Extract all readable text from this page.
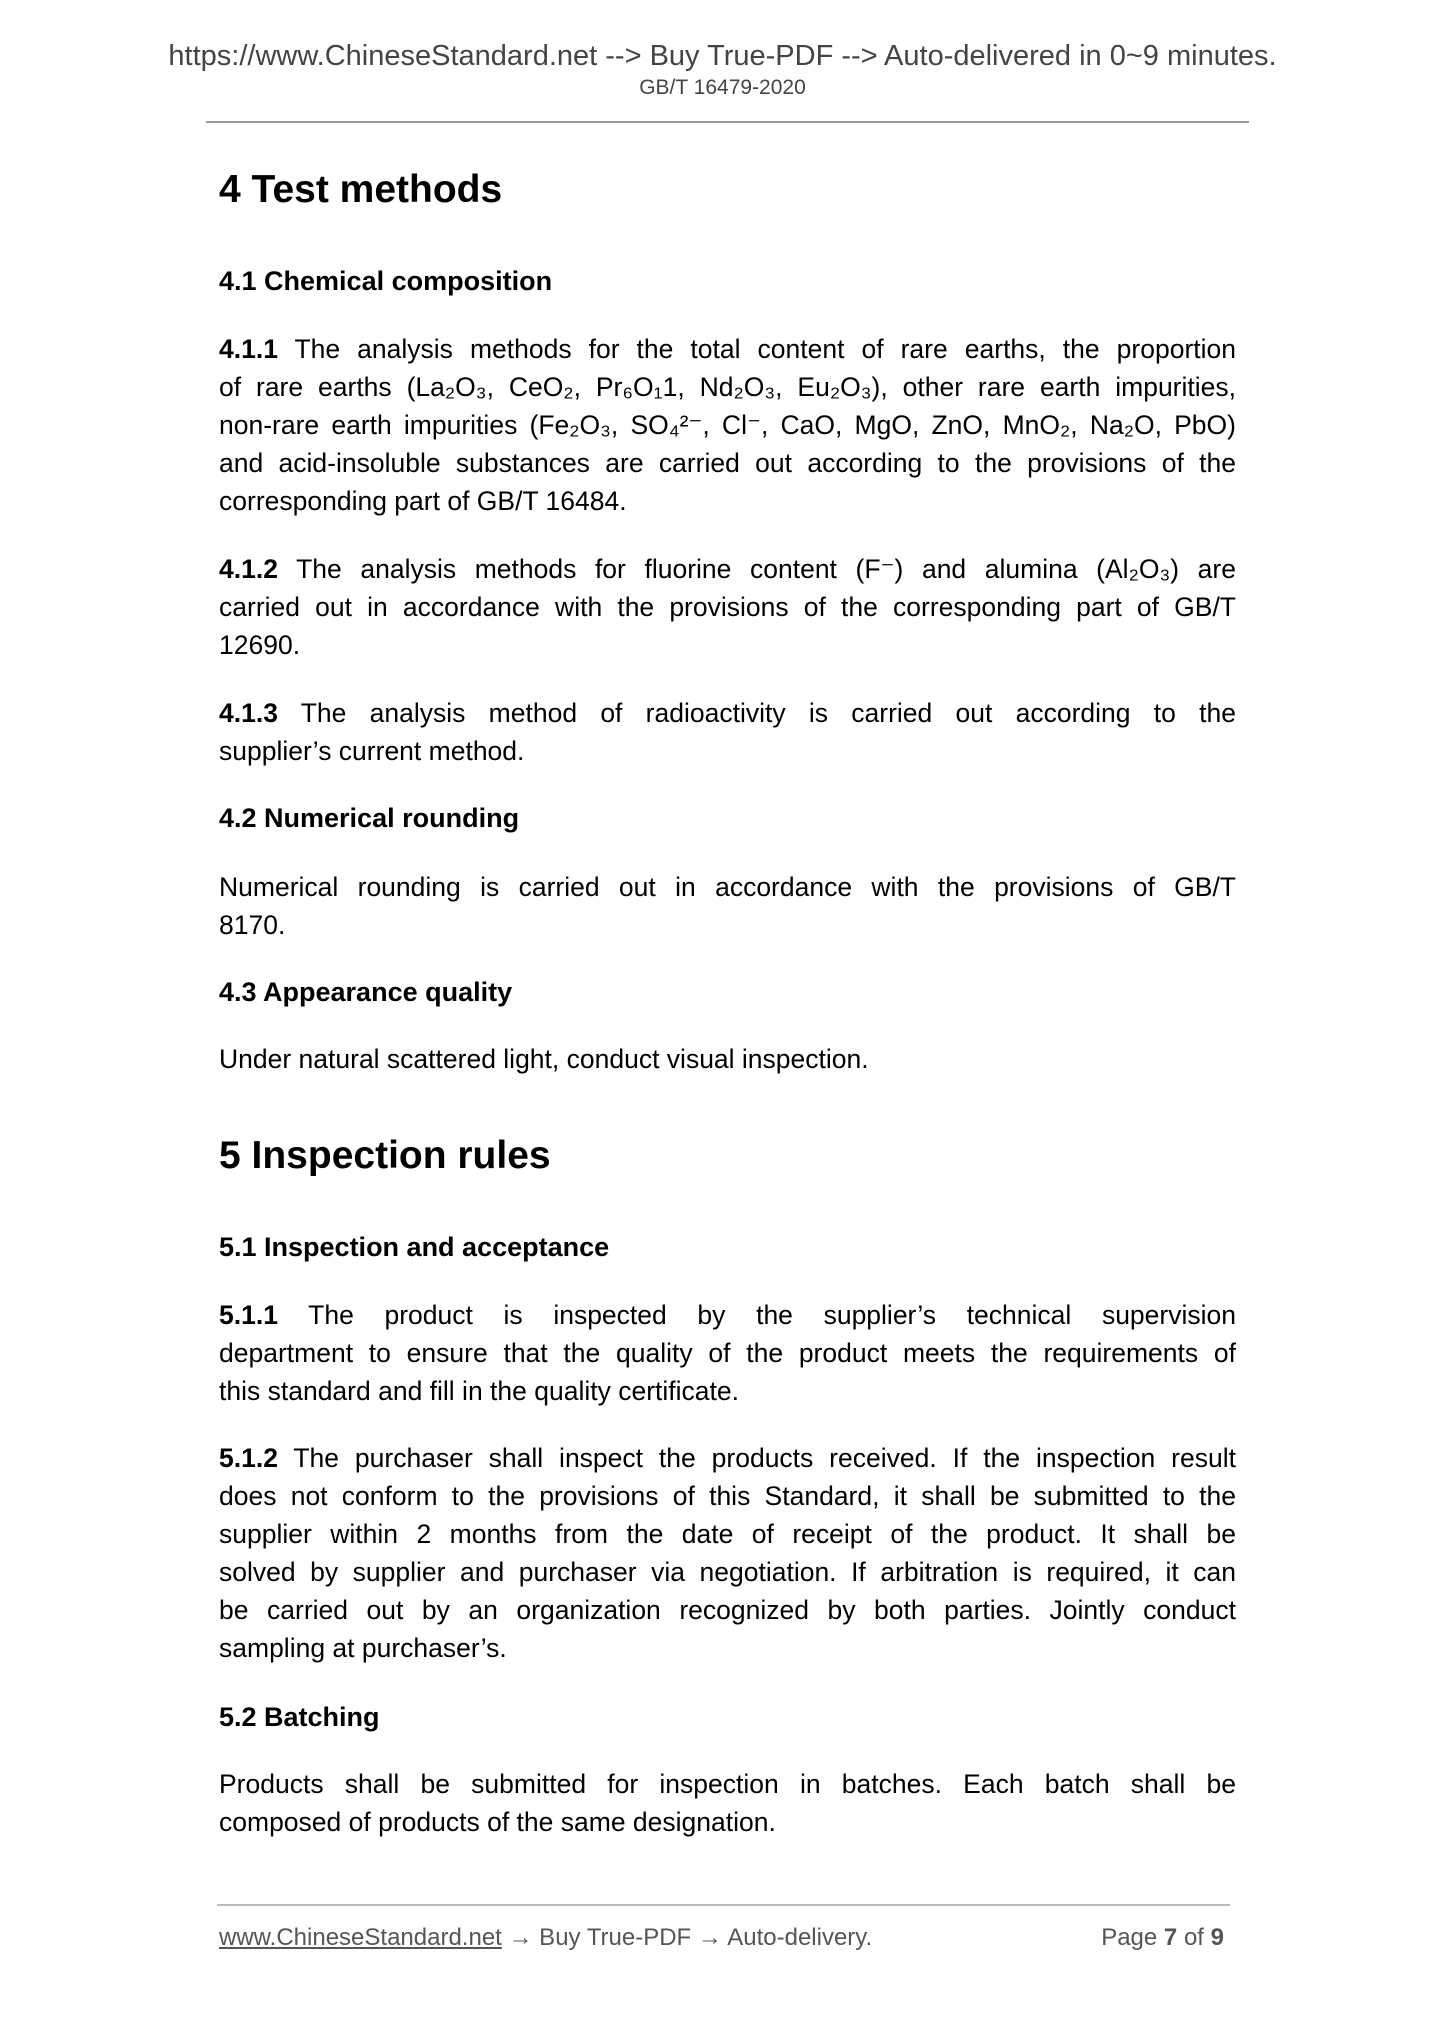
https://www.ChineseStandard.net --> Buy True-PDF --> Auto-delivered in 0~9 minutes.
GB/T 16479-2020
4 Test methods
4.1 Chemical composition
4.1.1 The analysis methods for the total content of rare earths, the proportion
of rare earths (La₂O₃, CeO₂, Pr₆O₁1, Nd₂O₃, Eu₂O₃), other rare earth impurities,
non-rare earth impurities (Fe₂O₃, SO₄²⁻, Cl⁻, CaO, MgO, ZnO, MnO₂, Na₂O, PbO)
and acid-insoluble substances are carried out according to the provisions of the
corresponding part of GB/T 16484.
4.1.2 The analysis methods for fluorine content (F⁻) and alumina (Al₂O₃) are
carried out in accordance with the provisions of the corresponding part of GB/T
12690.
4.1.3 The analysis method of radioactivity is carried out according to the
supplier’s current method.
4.2 Numerical rounding
Numerical rounding is carried out in accordance with the provisions of GB/T
8170.
4.3 Appearance quality
Under natural scattered light, conduct visual inspection.
5 Inspection rules
5.1 Inspection and acceptance
5.1.1 The product is inspected by the supplier’s technical supervision
department to ensure that the quality of the product meets the requirements of
this standard and fill in the quality certificate.
5.1.2 The purchaser shall inspect the products received. If the inspection result
does not conform to the provisions of this Standard, it shall be submitted to the
supplier within 2 months from the date of receipt of the product. It shall be
solved by supplier and purchaser via negotiation. If arbitration is required, it can
be carried out by an organization recognized by both parties. Jointly conduct
sampling at purchaser’s.
5.2 Batching
Products shall be submitted for inspection in batches. Each batch shall be
composed of products of the same designation.
www.ChineseStandard.net → Buy True-PDF → Auto-delivery.	Page 7 of 9
